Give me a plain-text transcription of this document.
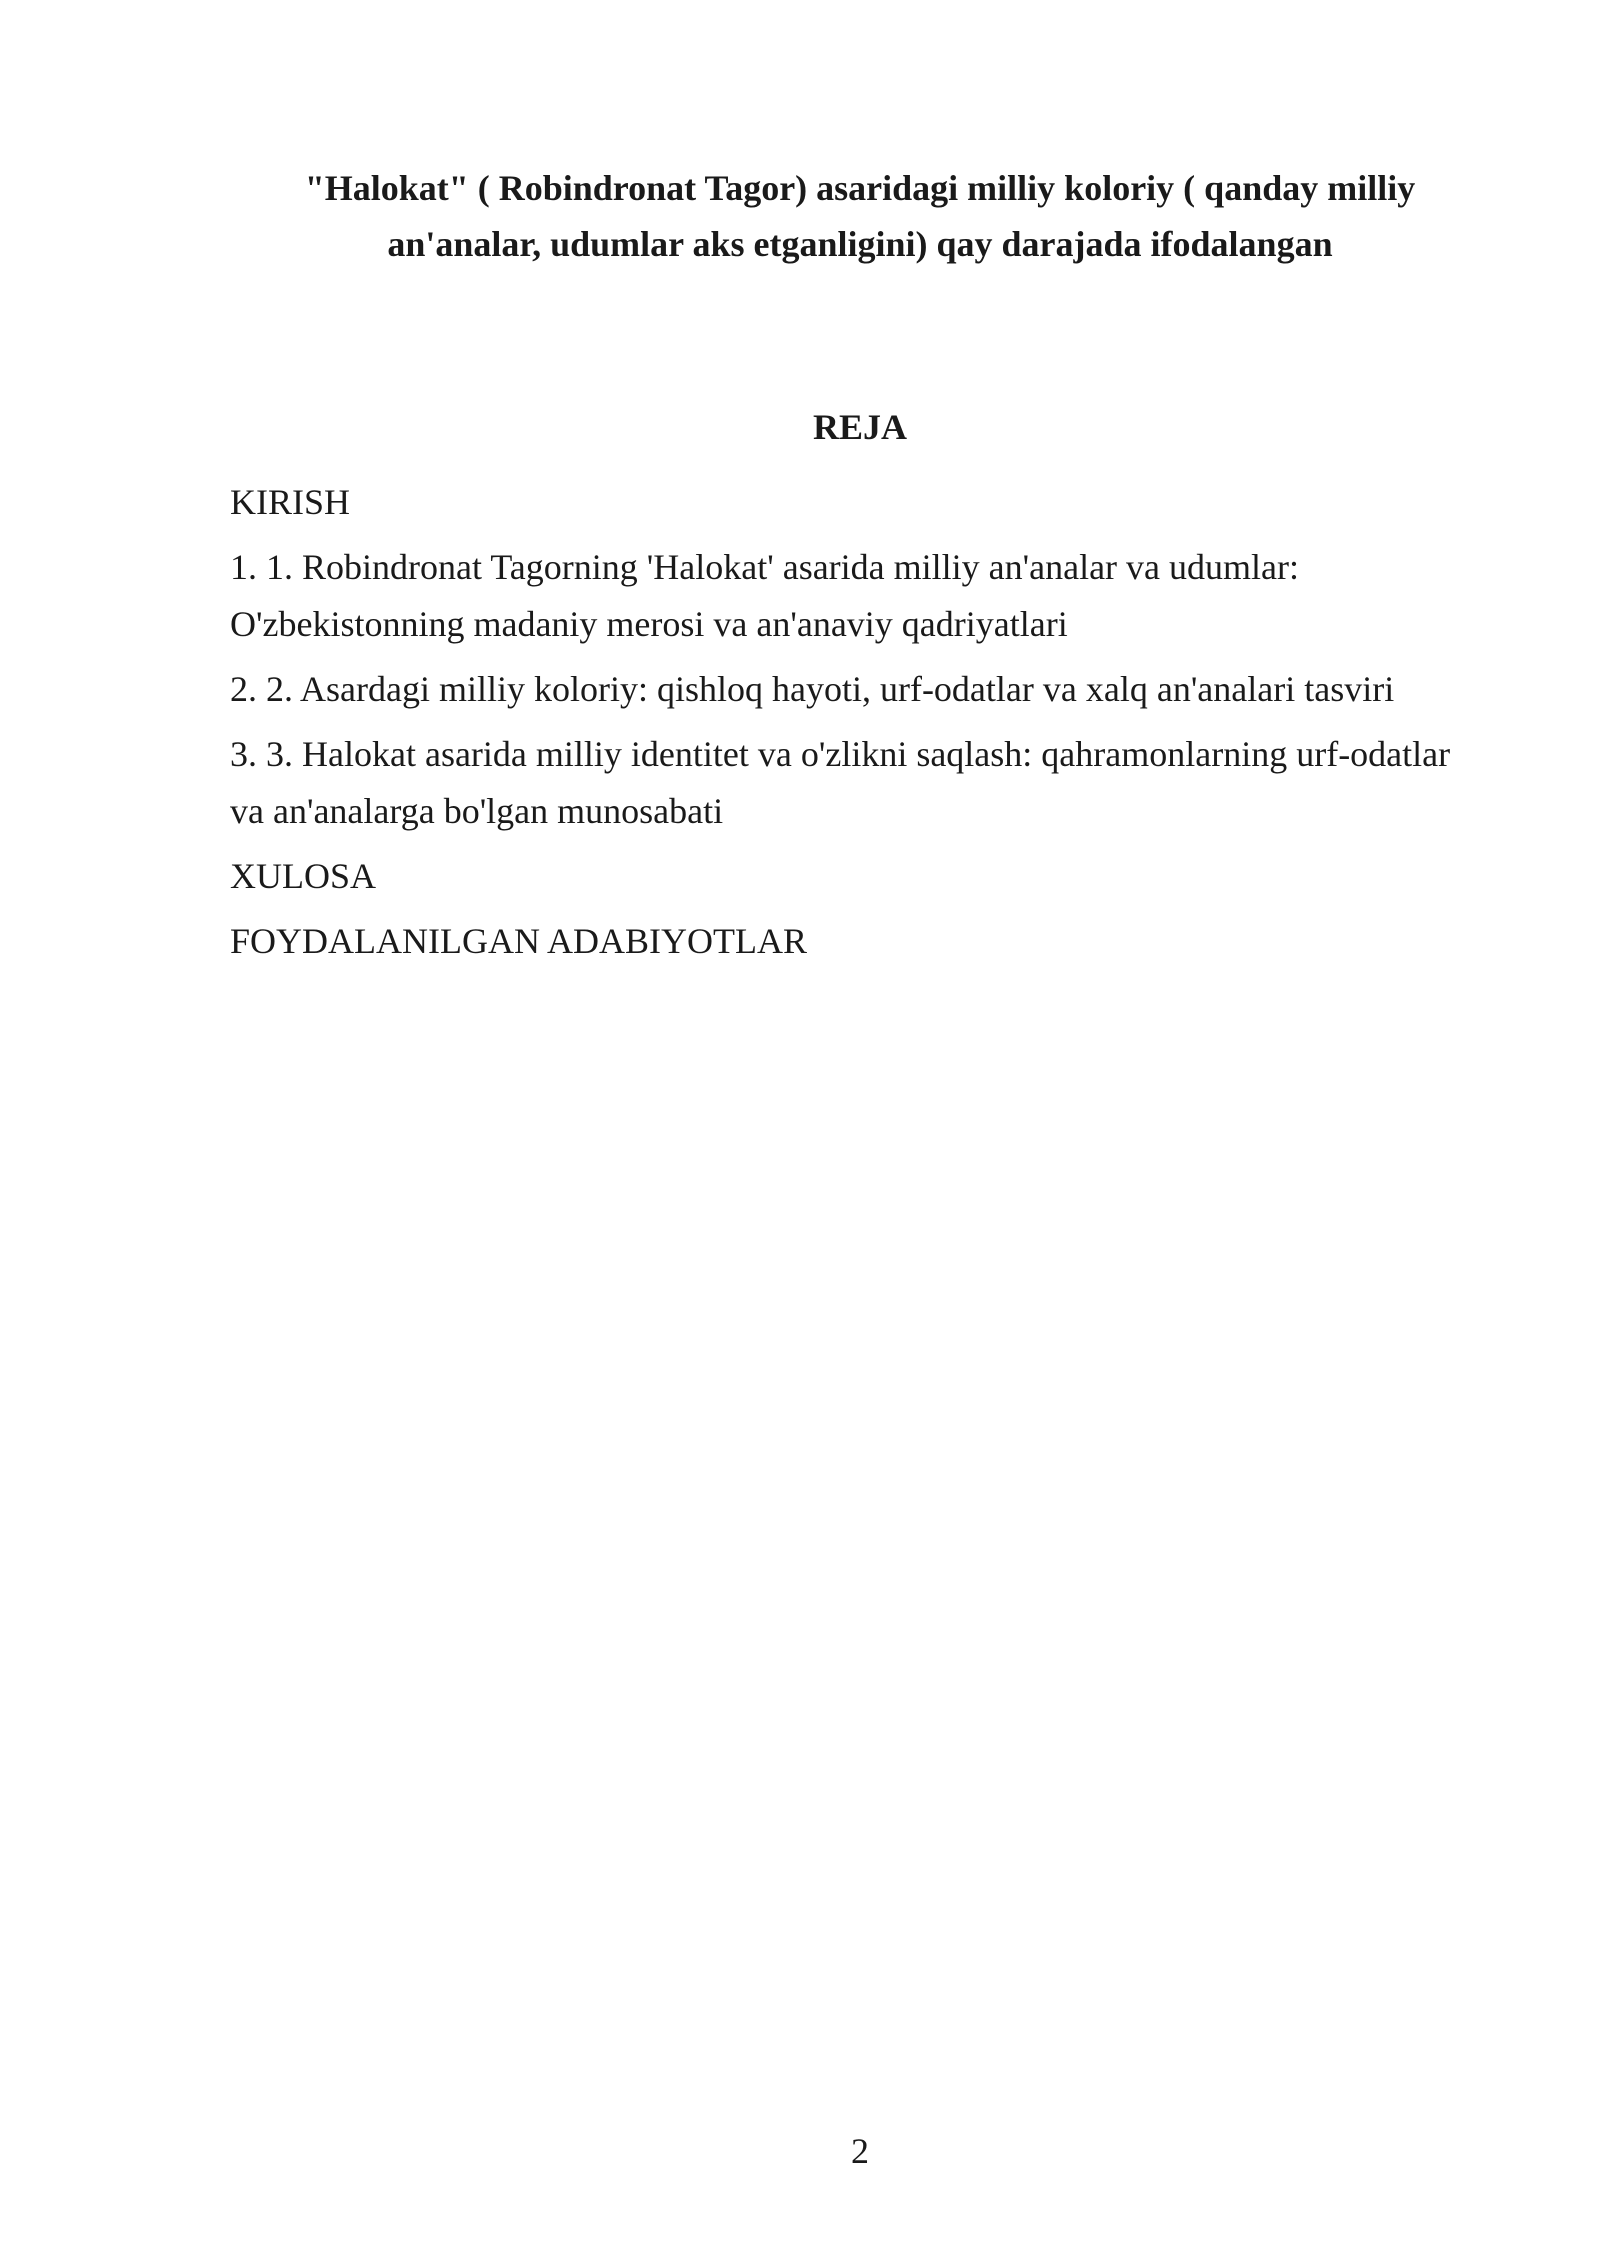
"Halokat" ( Robindronat Tagor) asaridagi milliy koloriy ( qanday milliy an'analar, udumlar aks etganligini) qay darajada ifodalangan
REJA
KIRISH
1. 1. Robindronat Tagorning 'Halokat' asarida milliy an'analar va udumlar: O'zbekistonning madaniy merosi va an'anaviy qadriyatlari
2. 2. Asardagi milliy koloriy: qishloq hayoti, urf-odatlar va xalq an'analari tasviri
3. 3. Halokat asarida milliy identitet va o'zlikni saqlash: qahramonlarning urf-odatlar va an'analarga bo'lgan munosabati
XULOSA
FOYDALANILGAN ADABIYOTLAR
2
